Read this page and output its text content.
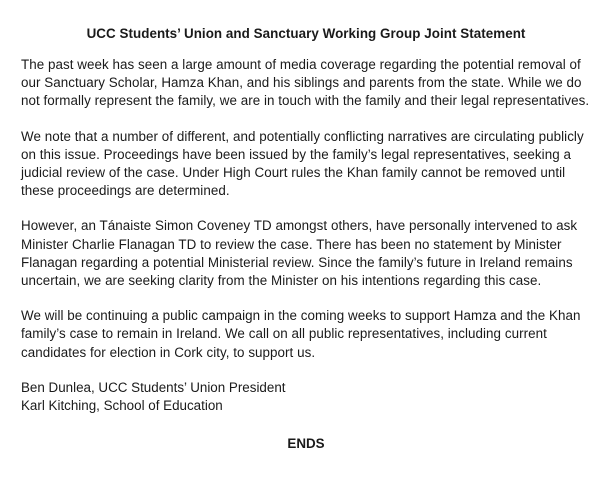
UCC Students’ Union and Sanctuary Working Group Joint Statement
The past week has seen a large amount of media coverage regarding the potential removal of
our Sanctuary Scholar, Hamza Khan, and his siblings and parents from the state. While we do
not formally represent the family, we are in touch with the family and their legal representatives.
We note that a number of different, and potentially conflicting narratives are circulating publicly
on this issue. Proceedings have been issued by the family’s legal representatives, seeking a
judicial review of the case. Under High Court rules the Khan family cannot be removed until
these proceedings are determined.
However, an Tánaiste Simon Coveney TD amongst others, have personally intervened to ask
Minister Charlie Flanagan TD to review the case. There has been no statement by Minister
Flanagan regarding a potential Ministerial review. Since the family’s future in Ireland remains
uncertain, we are seeking clarity from the Minister on his intentions regarding this case.
We will be continuing a public campaign in the coming weeks to support Hamza and the Khan
family’s case to remain in Ireland. We call on all public representatives, including current
candidates for election in Cork city, to support us.
Ben Dunlea, UCC Students’ Union President
Karl Kitching, School of Education
ENDS
